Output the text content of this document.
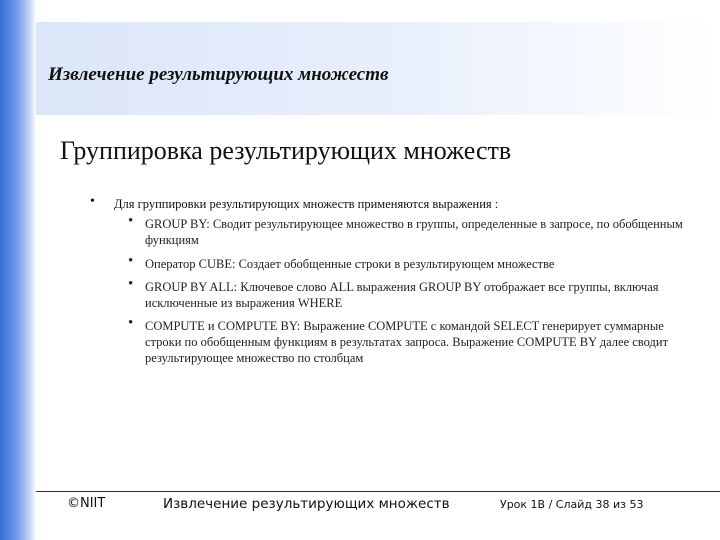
Извлечение результирующих множеств
Группировка результирующих множеств
• Для группировки результирующих множеств применяются выражения :
• GROUP BY: Сводит результирующее множество в группы, определенные в запросе, по обобщенным функциям
• Оператор CUBE: Создает обобщенные строки в результирующем множестве
• GROUP BY ALL: Ключевое слово ALL выражения GROUP BY отображает все группы, включая исключенные из выражения WHERE
• COMPUTE и COMPUTE BY: Выражение COMPUTE с командой SELECT генерирует суммарные строки по обобщенным функциям в результатах запроса. Выражение COMPUTE BY далее сводит результирующее множество по столбцам
©NIIT	Извлечение результирующих множеств	Урок 1В / Слайд 38 из 53
